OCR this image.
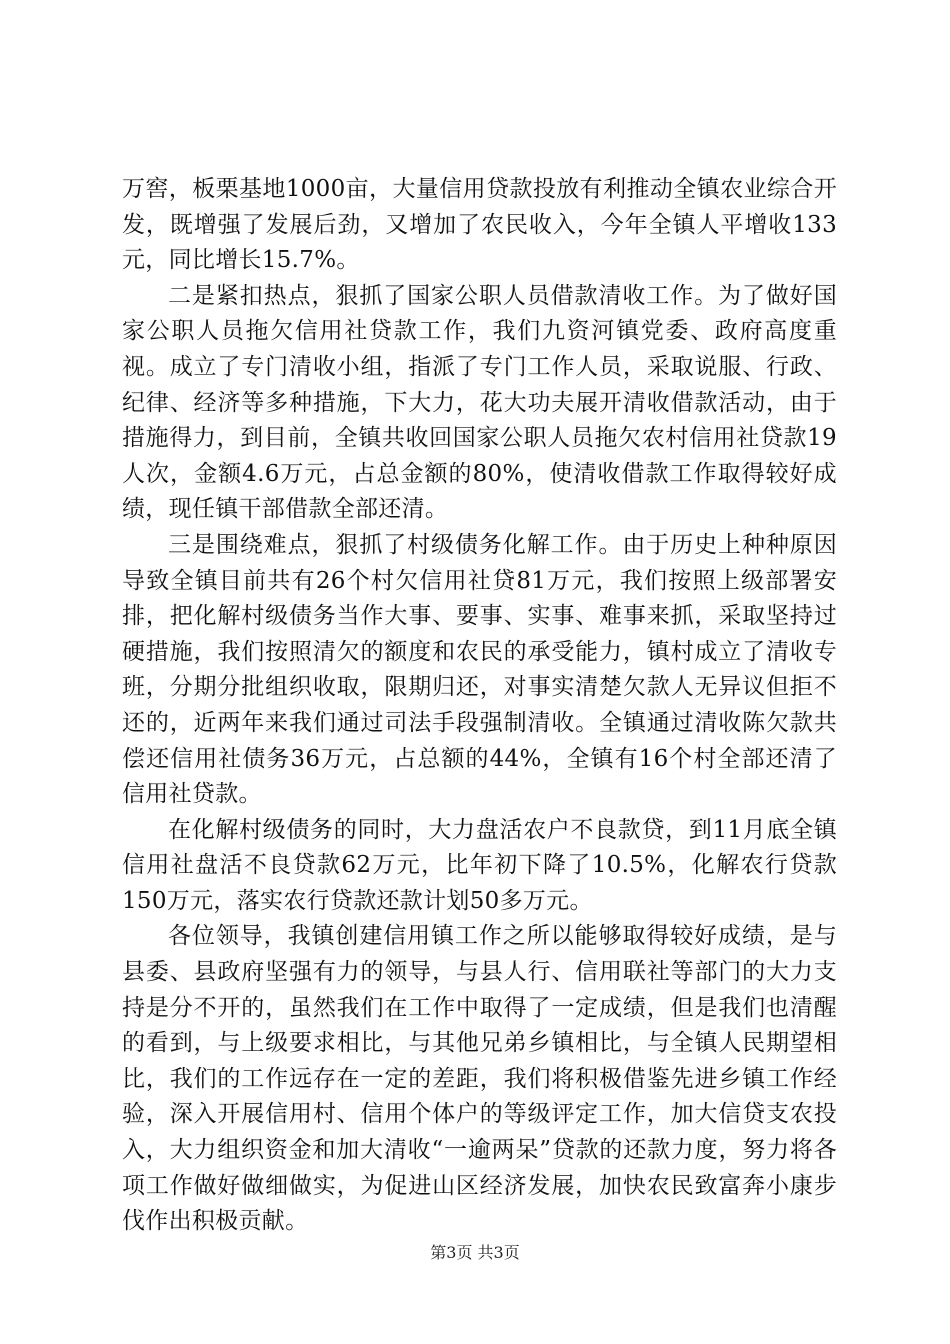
万窖，板栗基地1000亩，大量信用贷款投放有利推动全镇农业综合开发，既增强了发展后劲，又增加了农民收入，今年全镇人平增收133元，同比增长15.7%。

二是紧扣热点，狠抓了国家公职人员借款清收工作。为了做好国家公职人员拖欠信用社贷款工作，我们九资河镇党委、政府高度重视。成立了专门清收小组，指派了专门工作人员，采取说服、行政、纪律、经济等多种措施，下大力，花大功夫展开清收借款活动，由于措施得力，到目前，全镇共收回国家公职人员拖欠农村信用社贷款19人次，金额4.6万元，占总金额的80%，使清收借款工作取得较好成绩，现任镇干部借款全部还清。

三是围绕难点，狠抓了村级债务化解工作。由于历史上种种原因导致全镇目前共有26个村欠信用社贷81万元，我们按照上级部署安排，把化解村级债务当作大事、要事、实事、难事来抓，采取坚持过硬措施，我们按照清欠的额度和农民的承受能力，镇村成立了清收专班，分期分批组织收取，限期归还，对事实清楚欠款人无异议但拒不还的，近两年来我们通过司法手段强制清收。全镇通过清收陈欠款共偿还信用社债务36万元，占总额的44%，全镇有16个村全部还清了信用社贷款。

在化解村级债务的同时，大力盘活农户不良款贷，到11月底全镇信用社盘活不良贷款62万元，比年初下降了10.5%，化解农行贷款150万元，落实农行贷款还款计划50多万元。

各位领导，我镇创建信用镇工作之所以能够取得较好成绩，是与县委、县政府坚强有力的领导，与县人行、信用联社等部门的大力支持是分不开的，虽然我们在工作中取得了一定成绩，但是我们也清醒的看到，与上级要求相比，与其他兄弟乡镇相比，与全镇人民期望相比，我们的工作远存在一定的差距，我们将积极借鉴先进乡镇工作经验，深入开展信用村、信用个体户的等级评定工作，加大信贷支农投入，大力组织资金和加大清收“一逾两呆”贷款的还款力度，努力将各项工作做好做细做实，为促进山区经济发展，加快农民致富奔小康步伐作出积极贡献。

第3页 共3页
